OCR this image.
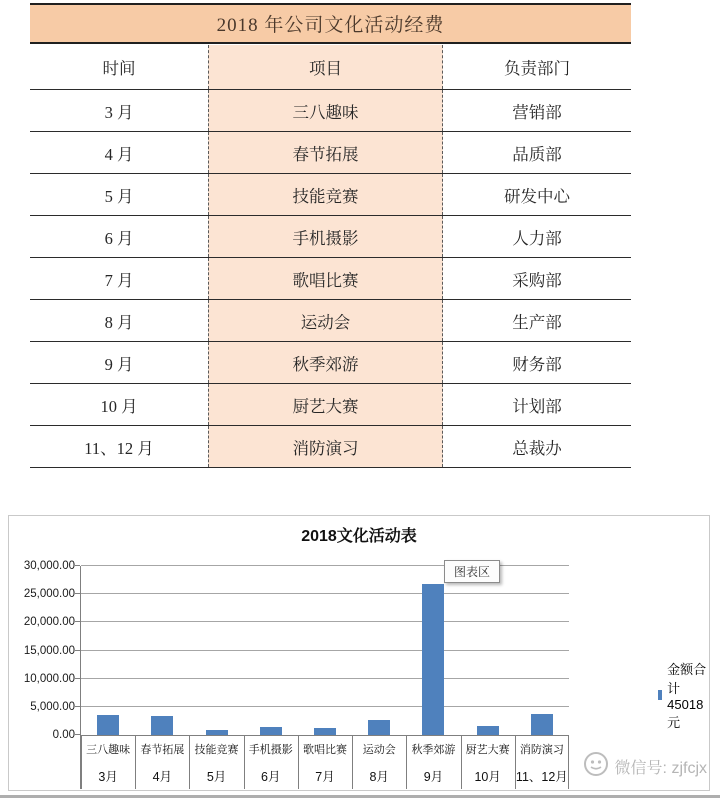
2018 年公司文化活动经费
时间	项目	负责部门
3 月	三八趣味	营销部
4 月	春节拓展	品质部
5 月	技能竞赛	研发中心
6 月	手机摄影	人力部
7 月	歌唱比赛	采购部
8 月	运动会	生产部
9 月	秋季郊游	财务部
10 月	厨艺大赛	计划部
11、12 月	消防演习	总裁办
2018文化活动表
0.00
5,000.00
10,000.00
15,000.00
20,000.00
25,000.00
30,000.00
三八趣味 春节拓展 技能竞赛 手机摄影 歌唱比赛	运动会	秋季郊游 厨艺大赛 消防演习
3月	4月	5月	6月	7月	8月	9月	10月	11、12月
金额合计45018元
图表区
微信号: zjfcjx
